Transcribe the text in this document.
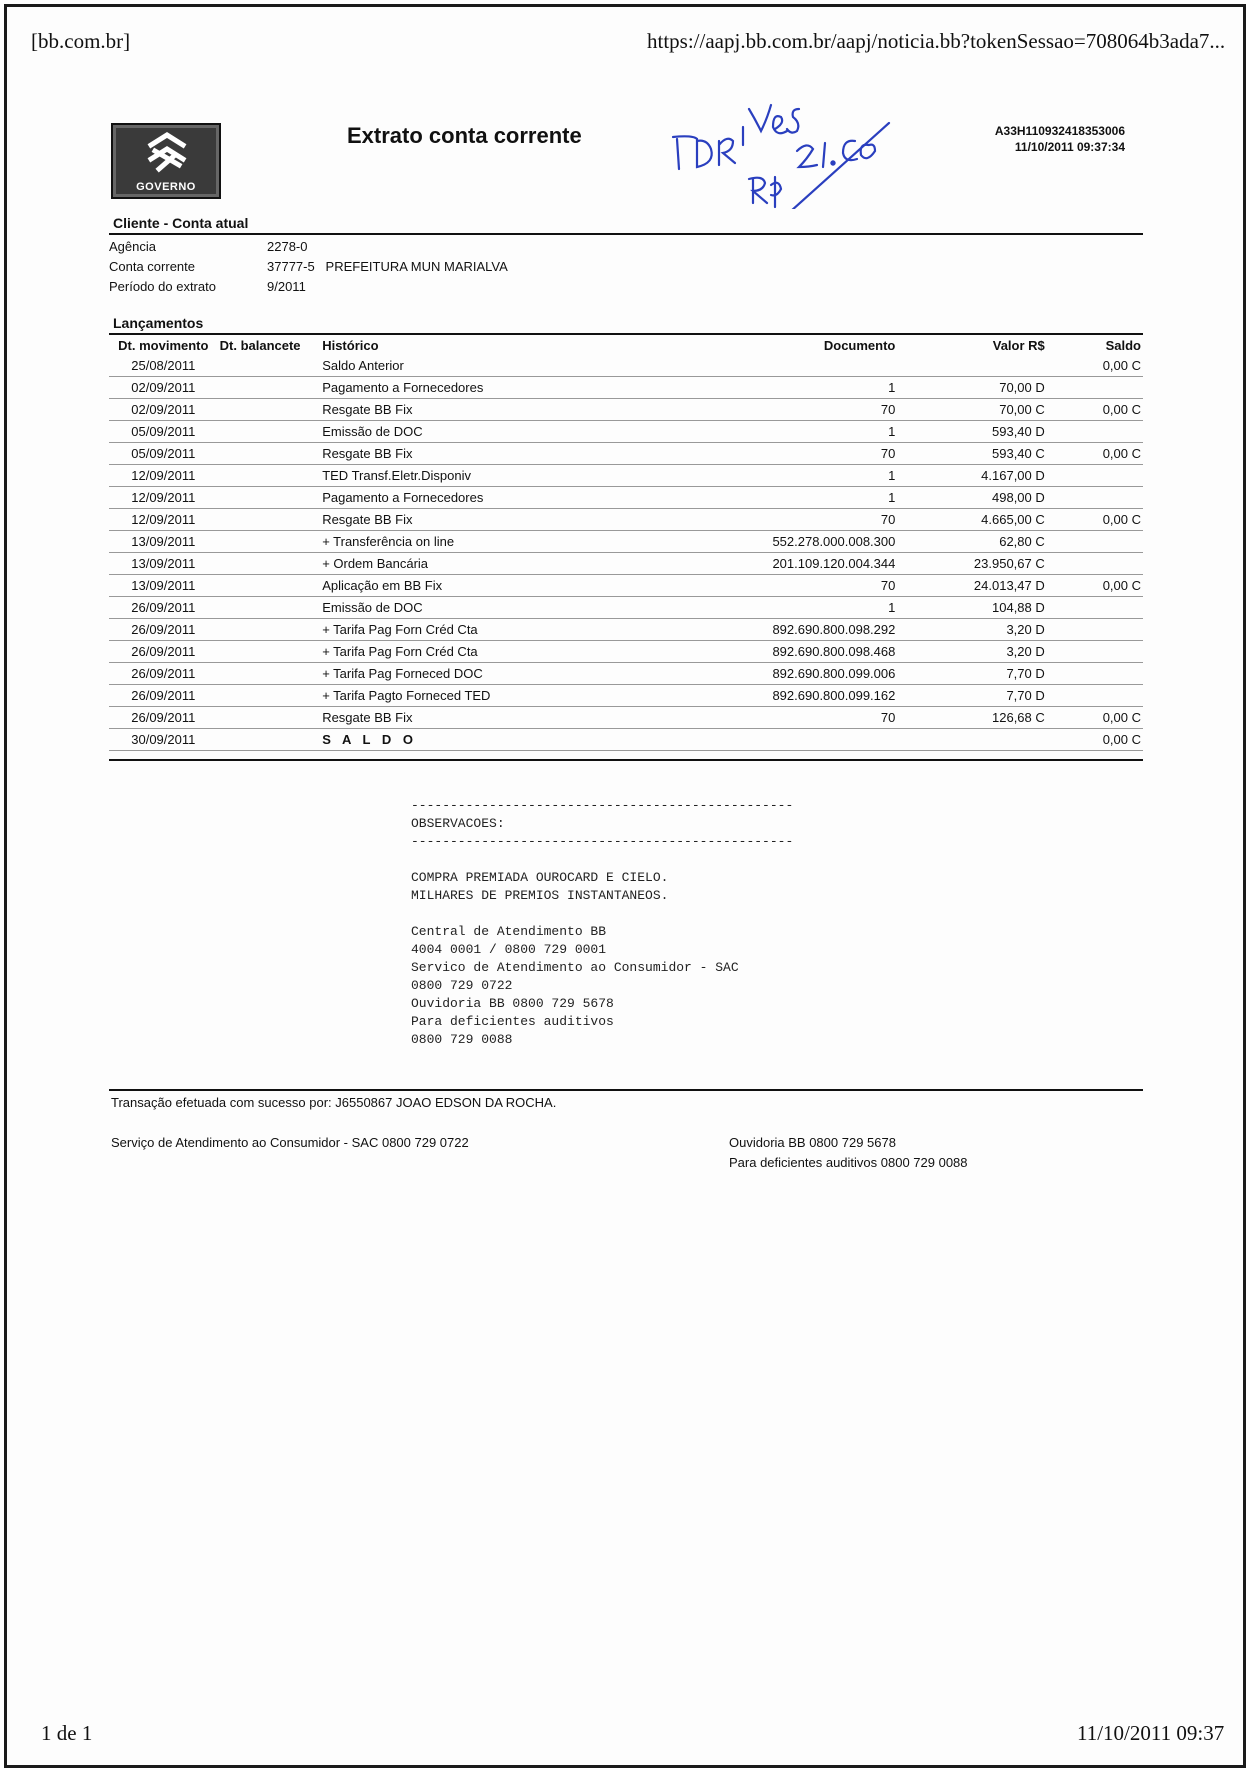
[bb.com.br]	https://aapj.bb.com.br/aapj/noticia.bb?tokenSessao=708064b3ada7...
GOVERNO
Extrato conta corrente	A33H110932418353006
11/10/2011 09:37:34
Cliente - Conta atual
Agência	2278-0
Conta corrente	37777-5   PREFEITURA MUN MARIALVA
Período do extrato	9/2011
Lançamentos
Dt. movimento	Dt. balancete	Histórico	Documento	Valor R$	Saldo
25/08/2011		Saldo Anterior			0,00 C
02/09/2011		Pagamento a Fornecedores	1	70,00 D	
02/09/2011		Resgate BB Fix	70	70,00 C	0,00 C
05/09/2011		Emissão de DOC	1	593,40 D	
05/09/2011		Resgate BB Fix	70	593,40 C	0,00 C
12/09/2011		TED Transf.Eletr.Disponiv	1	4.167,00 D	
12/09/2011		Pagamento a Fornecedores	1	498,00 D	
12/09/2011		Resgate BB Fix	70	4.665,00 C	0,00 C
13/09/2011		+ Transferência on line	552.278.000.008.300	62,80 C	
13/09/2011		+ Ordem Bancária	201.109.120.004.344	23.950,67 C	
13/09/2011		Aplicação em BB Fix	70	24.013,47 D	0,00 C
26/09/2011		Emissão de DOC	1	104,88 D	
26/09/2011		+ Tarifa Pag Forn Créd Cta	892.690.800.098.292	3,20 D	
26/09/2011		+ Tarifa Pag Forn Créd Cta	892.690.800.098.468	3,20 D	
26/09/2011		+ Tarifa Pag Forneced DOC	892.690.800.099.006	7,70 D	
26/09/2011		+ Tarifa Pagto Forneced TED	892.690.800.099.162	7,70 D	
26/09/2011		Resgate BB Fix	70	126,68 C	0,00 C
30/09/2011		S A L D O			0,00 C
-------------------------------------------------
OBSERVACOES:
-------------------------------------------------

COMPRA PREMIADA OUROCARD E CIELO.
MILHARES DE PREMIOS INSTANTANEOS.

Central de Atendimento BB
4004 0001 / 0800 729 0001
Servico de Atendimento ao Consumidor - SAC
0800 729 0722
Ouvidoria BB 0800 729 5678
Para deficientes auditivos
0800 729 0088
Transação efetuada com sucesso por: J6550867 JOAO EDSON DA ROCHA.
Serviço de Atendimento ao Consumidor - SAC 0800 729 0722	Ouvidoria BB 0800 729 5678
Para deficientes auditivos 0800 729 0088
1 de 1	11/10/2011 09:37
